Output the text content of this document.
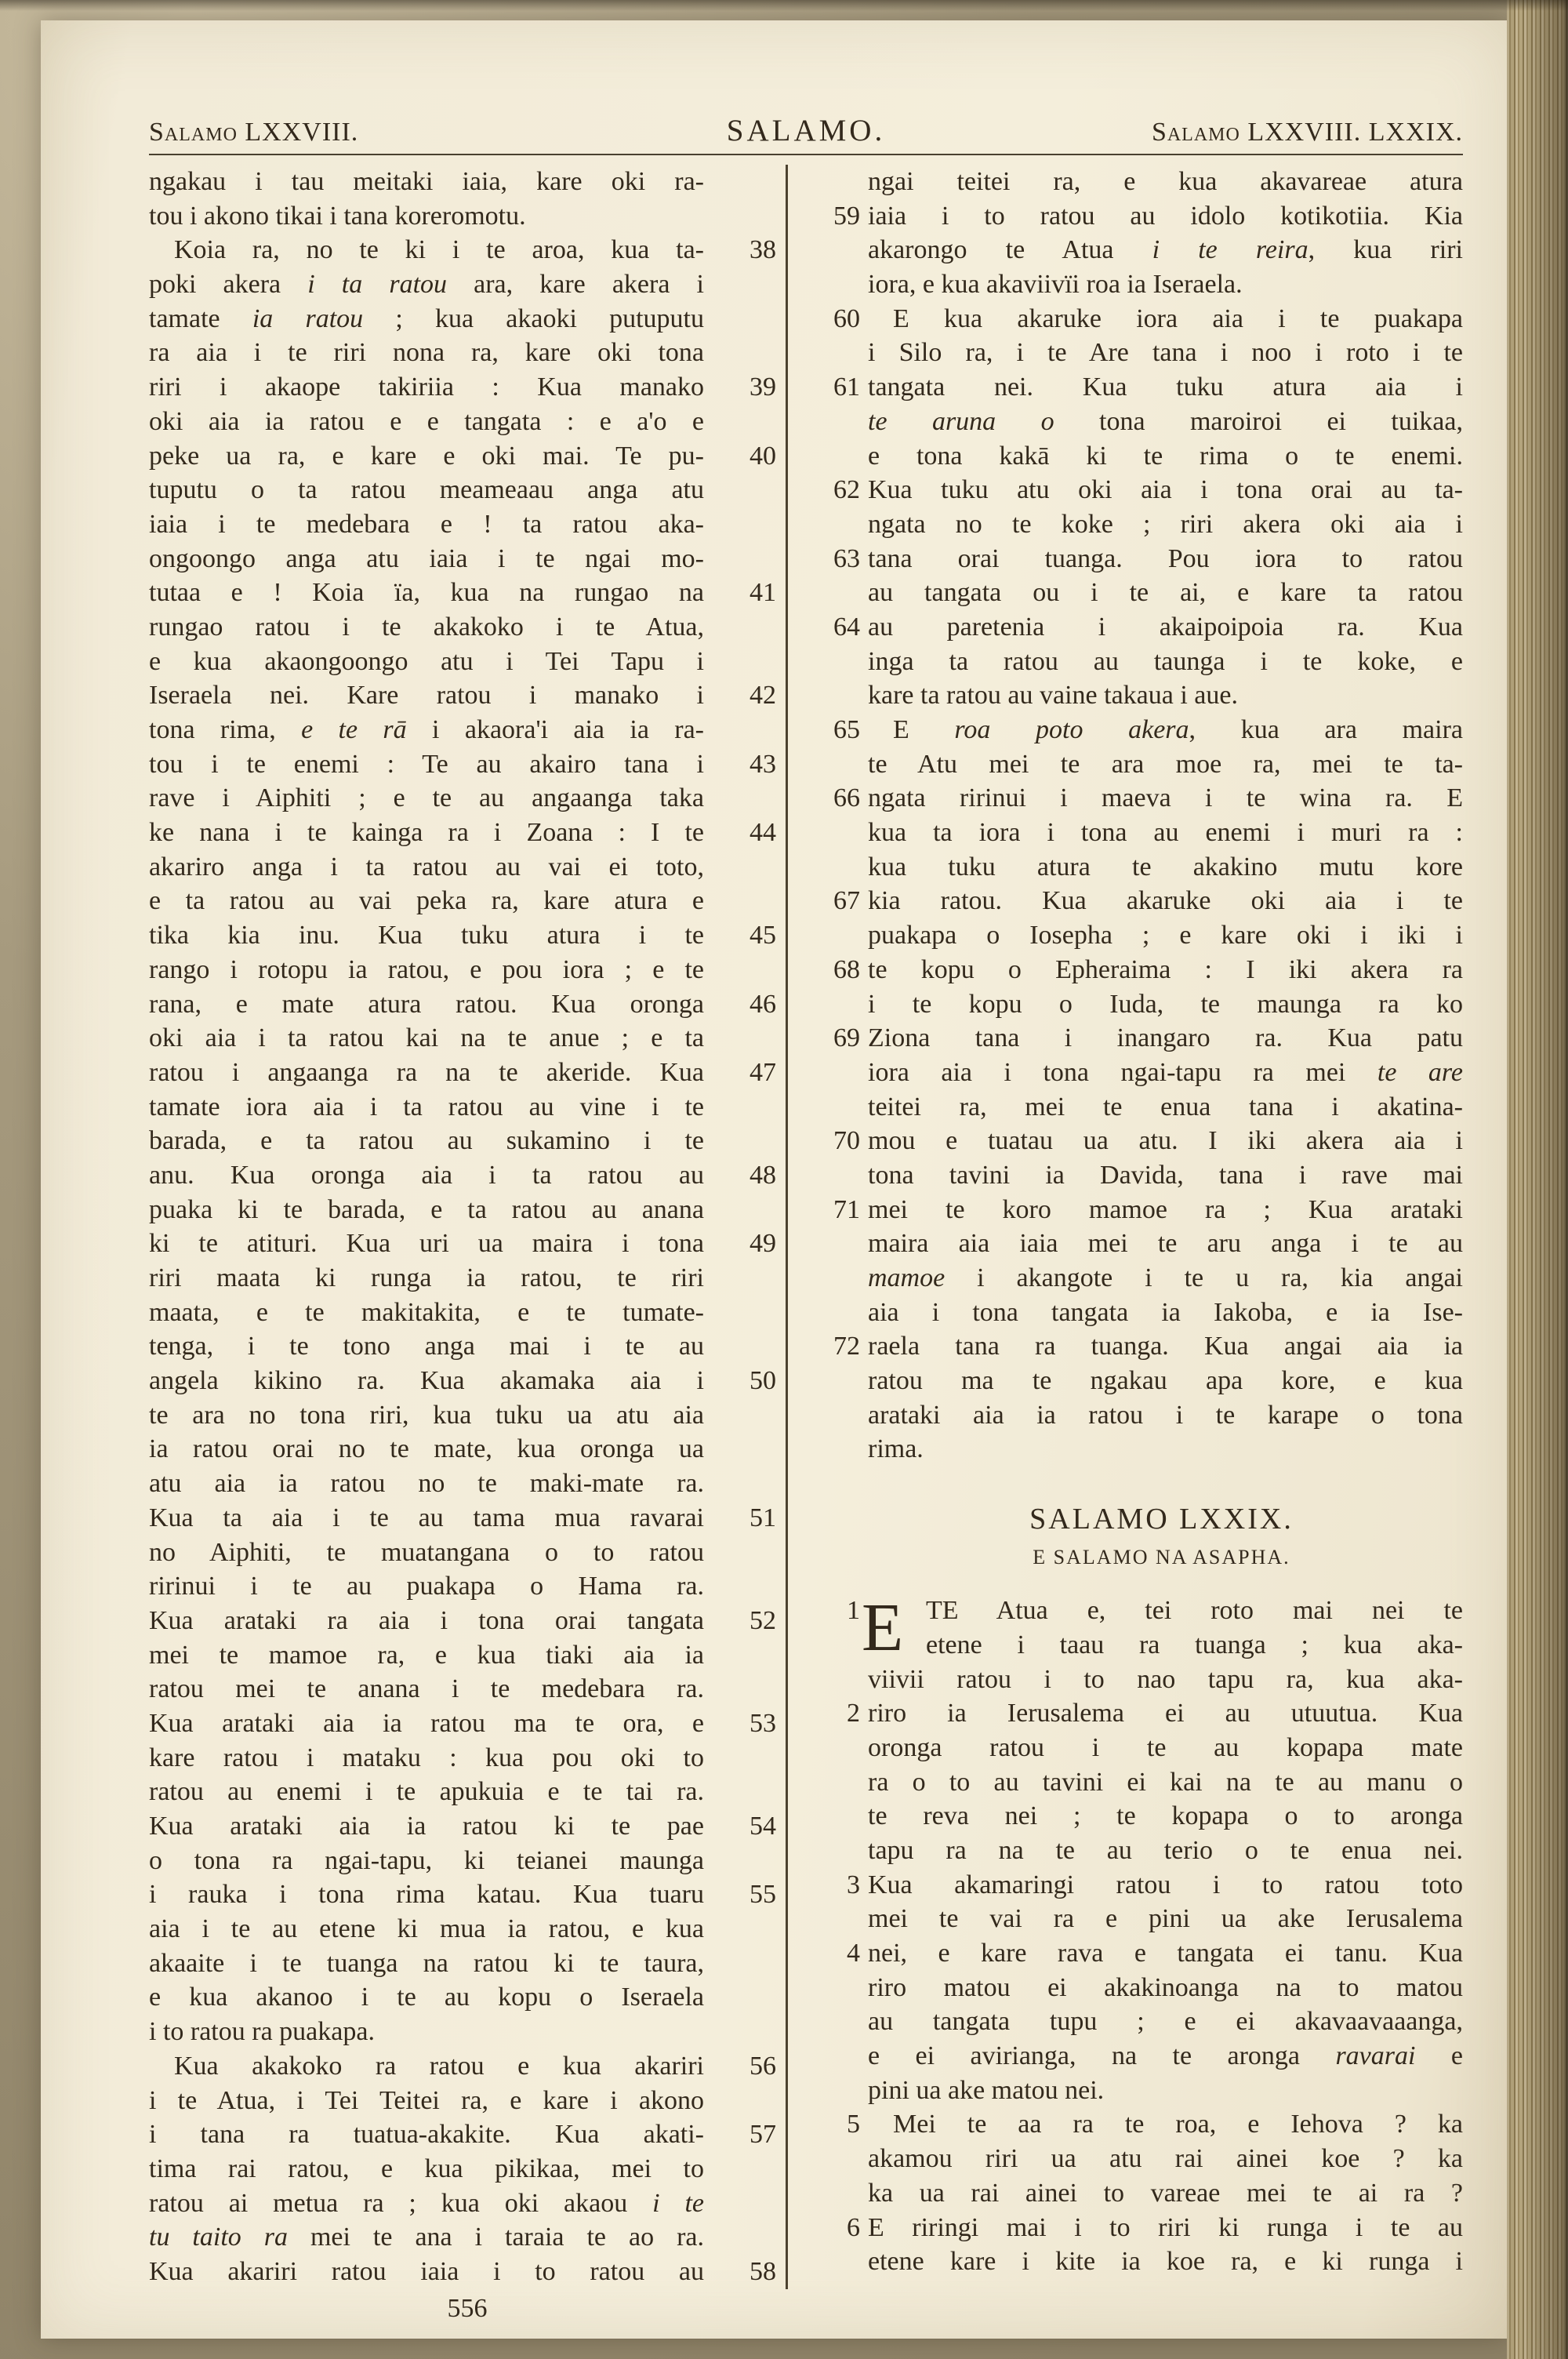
Salamo LXXVIII.	SALAMO.	Salamo LXXVIII. LXXIX.
ngakau i tau meitaki iaia, kare oki ra-
tou i akono tikai i tana koreromotu.
Koia ra, no te ki i te aroa, kua ta-	38
poki akera i ta ratou ara, kare akera i
tamate ia ratou ; kua akaoki putuputu
ra aia i te riri nona ra, kare oki tona
riri i akaope takiriia : Kua manako	39
oki aia ia ratou e e tangata : e a'o e
peke ua ra, e kare e oki mai. Te pu-	40
tuputu o ta ratou meameaau anga atu
iaia i te medebara e ! ta ratou aka-
ongoongo anga atu iaia i te ngai mo-
tutaa e ! Koia ïa, kua na rungao na	41
rungao ratou i te akakoko i te Atua,
e kua akaongoongo atu i Tei Tapu i
Iseraela nei. Kare ratou i manako i	42
tona rima, e te rā i akaora'i aia ia ra-
tou i te enemi : Te au akairo tana i	43
rave i Aiphiti ; e te au angaanga taka
ke nana i te kainga ra i Zoana : I te	44
akariro anga i ta ratou au vai ei toto,
e ta ratou au vai peka ra, kare atura e
tika kia inu. Kua tuku atura i te	45
rango i rotopu ia ratou, e pou iora ; e te
rana, e mate atura ratou. Kua oronga	46
oki aia i ta ratou kai na te anue ; e ta
ratou i angaanga ra na te akeride. Kua	47
tamate iora aia i ta ratou au vine i te
barada, e ta ratou au sukamino i te
anu. Kua oronga aia i ta ratou au	48
puaka ki te barada, e ta ratou au anana
ki te atituri. Kua uri ua maira i tona	49
riri maata ki runga ia ratou, te riri
maata, e te makitakita, e te tumate-
tenga, i te tono anga mai i te au
angela kikino ra. Kua akamaka aia i	50
te ara no tona riri, kua tuku ua atu aia
ia ratou orai no te mate, kua oronga ua
atu aia ia ratou no te maki-mate ra.
Kua ta aia i te au tama mua ravarai	51
no Aiphiti, te muatangana o to ratou
ririnui i te au puakapa o Hama ra.
Kua arataki ra aia i tona orai tangata	52
mei te mamoe ra, e kua tiaki aia ia
ratou mei te anana i te medebara ra.
Kua arataki aia ia ratou ma te ora, e	53
kare ratou i mataku : kua pou oki to
ratou au enemi i te apukuia e te tai ra.
Kua arataki aia ia ratou ki te pae	54
o tona ra ngai-tapu, ki teianei maunga
i rauka i tona rima katau. Kua tuaru	55
aia i te au etene ki mua ia ratou, e kua
akaaite i te tuanga na ratou ki te taura,
e kua akanoo i te au kopu o Iseraela
i to ratou ra puakapa.
Kua akakoko ra ratou e kua akariri	56
i te Atua, i Tei Teitei ra, e kare i akono
i tana ra tuatua-akakite. Kua akati-	57
tima rai ratou, e kua pikikaa, mei to
ratou ai metua ra ; kua oki akaou i te
tu taito ra mei te ana i taraia te ao ra.
Kua akariri ratou iaia i to ratou au	58
ngai teitei ra, e kua akavareae atura
59 iaia i to ratou au idolo kotikotiia. Kia
akarongo te Atua i te reira, kua riri
iora, e kua akaviivïi roa ia Iseraela.
60	E kua akaruke iora aia i te puakapa
i Silo ra, i te Are tana i noo i roto i te
61 tangata nei. Kua tuku atura aia i
te aruna o tona maroiroi ei tuikaa,
e tona kakā ki te rima o te enemi.
62 Kua tuku atu oki aia i tona orai au ta-
ngata no te koke ; riri akera oki aia i
63 tana orai tuanga. Pou iora to ratou
au tangata ou i te ai, e kare ta ratou
64 au paretenia i akaipoipoia ra. Kua
inga ta ratou au taunga i te koke, e
kare ta ratou au vaine takaua i aue.
65	E roa poto akera, kua ara maira
te Atu mei te ara moe ra, mei te ta-
66 ngata ririnui i maeva i te wina ra. E
kua ta iora i tona au enemi i muri ra :
kua tuku atura te akakino mutu kore
67 kia ratou. Kua akaruke oki aia i te
puakapa o Iosepha ; e kare oki i iki i
68 te kopu o Epheraima : I iki akera ra
i te kopu o Iuda, te maunga ra ko
69 Ziona tana i inangaro ra. Kua patu
iora aia i tona ngai-tapu ra mei te are
teitei ra, mei te enua tana i akatina-
70 mou e tuatau ua atu. I iki akera aia i
tona tavini ia Davida, tana i rave mai
71 mei te koro mamoe ra ; Kua arataki
maira aia iaia mei te aru anga i te au
mamoe i akangote i te u ra, kia angai
aia i tona tangata ia Iakoba, e ia Ise-
72 raela tana ra tuanga. Kua angai aia ia
ratou ma te ngakau apa kore, e kua
arataki aia ia ratou i te karape o tona
rima.
SALAMO LXXIX.
E SALAMO NA ASAPHA.
E
1	TE Atua e, tei roto mai nei te
etene i taau ra tuanga ; kua aka-
viivii ratou i to nao tapu ra, kua aka-
2 riro ia Ierusalema ei au utuutua. Kua
oronga ratou i te au kopapa mate
ra o to au tavini ei kai na te au manu o
te reva nei ; te kopapa o to aronga
tapu ra na te au terio o te enua nei.
3 Kua akamaringi ratou i to ratou toto
mei te vai ra e pini ua ake Ierusalema
4 nei, e kare rava e tangata ei tanu. Kua
riro matou ei akakinoanga na to matou
au tangata tupu ; e ei akavaavaaanga,
e ei avirianga, na te aronga ravarai e
pini ua ake matou nei.
5	Mei te aa ra te roa, e Iehova ? ka
akamou riri ua atu rai ainei koe ? ka
ka ua rai ainei to vareae mei te ai ra ?
6 E riringi mai i to riri ki runga i te au
etene kare i kite ia koe ra, e ki runga i
556
